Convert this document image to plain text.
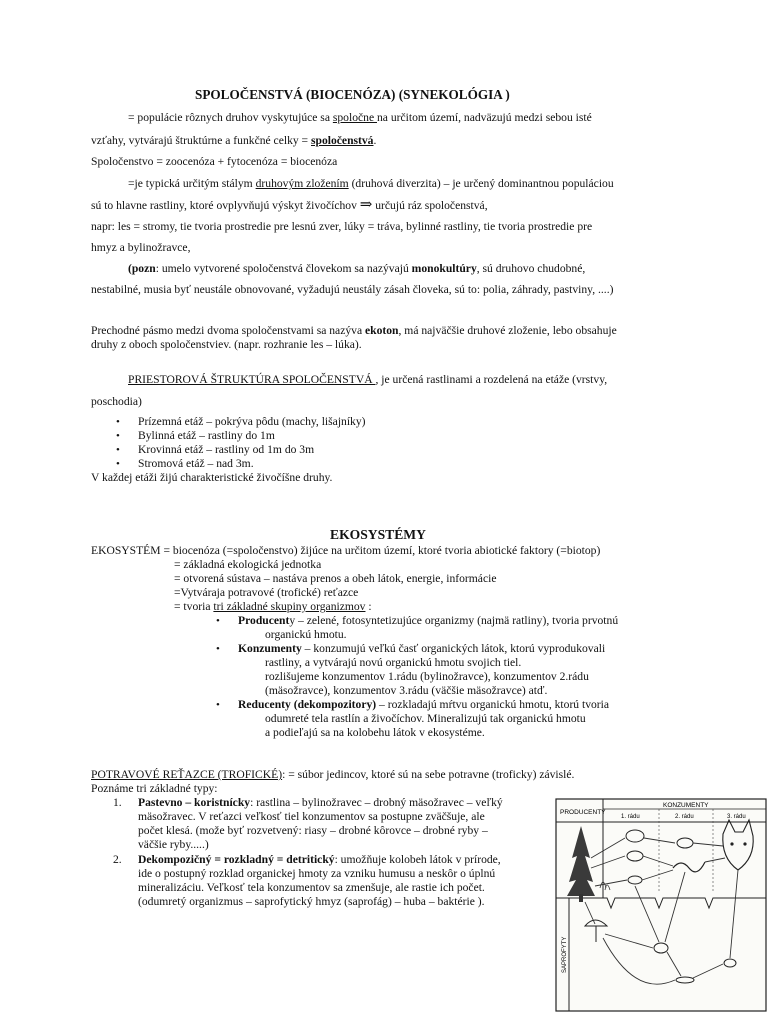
SPOLOČENSTVÁ (BIOCENÓZA) (SYNEKOLÓGIA )
= populácie rôznych druhov vyskytujúce sa spoločne na určitom území, nadväzujú medzi sebou isté
vzťahy, vytvárajú štruktúrne a funkčné celky = spoločenstvá.
Spoločenstvo = zoocenóza + fytocenóza = biocenóza
=je typická určitým stálym druhovým zložením (druhová diverzita) – je určený dominantnou populáciou
sú to hlavne rastliny, ktoré ovplyvňujú výskyt živočíchov ⇒ určujú ráz spoločenstvá,
napr: les = stromy, tie tvoria prostredie pre lesnú zver, lúky = tráva, bylinné rastliny, tie tvoria prostredie pre
hmyz a bylinožravce,
(pozn: umelo vytvorené spoločenstvá človekom sa nazývajú monokultúry, sú druhovo chudobné,
nestabilné, musia byť neustále obnovované, vyžadujú neustály zásah človeka, sú to: polia, záhrady, pastviny, ....)
Prechodné pásmo medzi dvoma spoločenstvami sa nazýva ekoton, má najväčšie druhové zloženie, lebo obsahuje
druhy z oboch spoločenstviev. (napr. rozhranie les – lúka).
PRIESTOROVÁ ŠTRUKTÚRA SPOLOČENSTVÁ , je určená rastlinami a rozdelená na etáže (vrstvy,
poschodia)
• Prízemná etáž – pokrýva pôdu (machy, lišajníky)
• Bylinná etáž – rastliny do 1m
• Krovinná etáž – rastliny od 1m do 3m
• Stromová etáž – nad 3m.
V každej etáži žijú charakteristické živočíšne druhy.
EKOSYSTÉMY
EKOSYSTÉM = biocenóza (=spoločenstvo) žijúce na určitom území, ktoré tvoria abiotické faktory (=biotop)
= základná ekologická jednotka
= otvorená sústava – nastáva prenos a obeh látok, energie, informácie
=Vytváraja potravové (trofické) reťazce
= tvoria tri základné skupiny organizmov :
• Producenty – zelené, fotosyntetizujúce organizmy (najmä ratliny), tvoria prvotnú
organickú hmotu.
• Konzumenty – konzumujú veľkú časť organických látok, ktorú vyprodukovali
rastliny, a vytvárajú novú organickú hmotu svojich tiel.
rozlišujeme konzumentov 1.rádu (bylinožravce), konzumentov 2.rádu
(mäsožravce), konzumentov 3.rádu (väčšie mäsožravce) atď.
• Reducenty (dekompozitory) – rozkladajú mŕtvu organickú hmotu, ktorú tvoria
odumreté tela rastlín a živočíchov. Mineralizujú tak organickú hmotu
a podieľajú sa na kolobehu látok v ekosystéme.
POTRAVOVÉ REŤAZCE (TROFICKÉ): = súbor jedincov, ktoré sú na sebe potravne (troficky) závislé.
Poznáme tri základné typy:
1. Pastevno – koristnícky: rastlina – bylinožravec – drobný mäsožravec – veľký
mäsožravec. V reťazci veľkosť tiel konzumentov sa postupne zväčšuje, ale
počet klesá. (može byť rozvetvený: riasy – drobné kôrovce – drobné ryby –
väčšie ryby.....)
2. Dekompozičný = rozkladný = detritický: umožňuje kolobeh látok v prírode,
ide o postupný rozklad organickej hmoty za vzniku humusu a neskôr o úplnú
mineralizáciu. Veľkosť tela konzumentov sa zmenšuje, ale rastie ich počet.
(odumretý organizmus – saprofytický hmyz (saprofág) – huba – baktérie ).
PRODUCENTY
KONZUMENTY
1. rádu	2. rádu	3. rádu
SAPROFYTY
